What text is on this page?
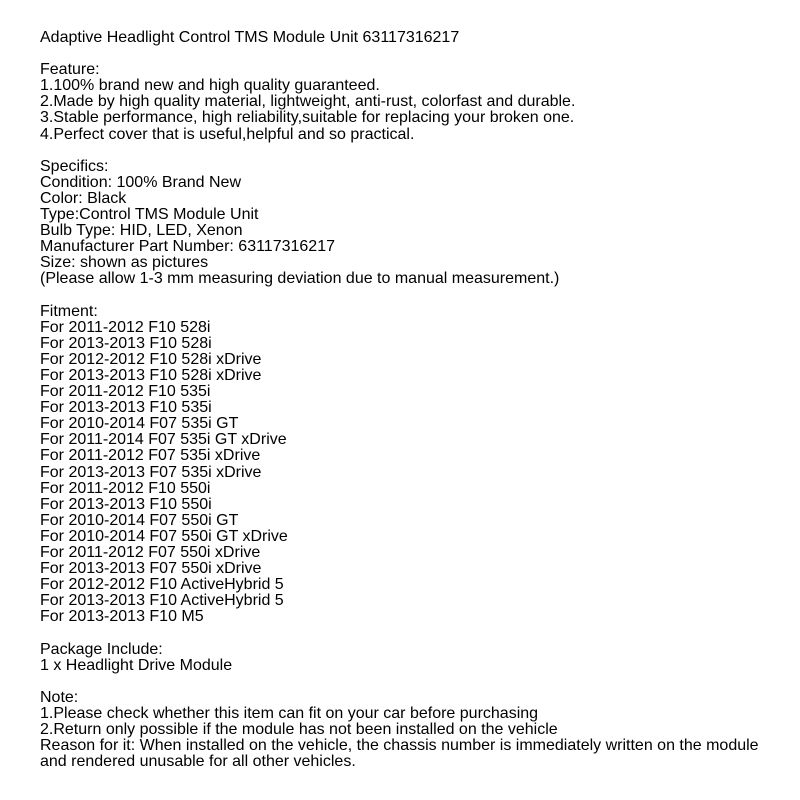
Adaptive Headlight Control TMS Module Unit 63117316217
Feature:
1.100% brand new and high quality guaranteed.
2.Made by high quality material, lightweight, anti-rust, colorfast and durable.
3.Stable performance, high reliability,suitable for replacing your broken one.
4.Perfect cover that is useful,helpful and so practical.
Specifics:
Condition: 100% Brand New
Color: Black
Type:Control TMS Module Unit
Bulb Type: HID, LED, Xenon
Manufacturer Part Number: 63117316217
Size: shown as pictures
(Please allow 1-3 mm measuring deviation due to manual measurement.)
Fitment:
For 2011-2012 F10 528i
For 2013-2013 F10 528i
For 2012-2012 F10 528i xDrive
For 2013-2013 F10 528i xDrive
For 2011-2012 F10 535i
For 2013-2013 F10 535i
For 2010-2014 F07 535i GT
For 2011-2014 F07 535i GT xDrive
For 2011-2012 F07 535i xDrive
For 2013-2013 F07 535i xDrive
For 2011-2012 F10 550i
For 2013-2013 F10 550i
For 2010-2014 F07 550i GT
For 2010-2014 F07 550i GT xDrive
For 2011-2012 F07 550i xDrive
For 2013-2013 F07 550i xDrive
For 2012-2012 F10 ActiveHybrid 5
For 2013-2013 F10 ActiveHybrid 5
For 2013-2013 F10 M5
Package Include:
1 x Headlight Drive Module
Note:
1.Please check whether this item can fit on your car before purchasing
2.Return only possible if the module has not been installed on the vehicle
Reason for it: When installed on the vehicle, the chassis number is immediately written on the module and rendered unusable for all other vehicles.
